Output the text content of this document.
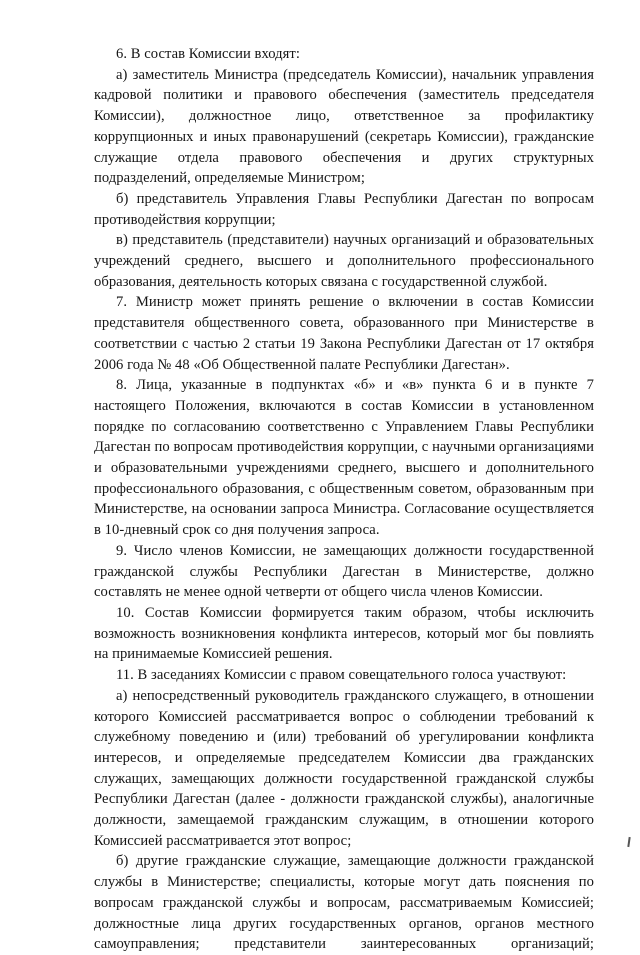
6. В состав Комиссии входят:

а) заместитель Министра (председатель Комиссии), начальник управления кадровой политики и правового обеспечения (заместитель председателя Комиссии), должностное лицо, ответственное за профилактику коррупционных и иных правонарушений (секретарь Комиссии), гражданские служащие отдела правового обеспечения и других структурных подразделений, определяемые Министром;

б) представитель Управления Главы Республики Дагестан по вопросам противодействия коррупции;

в) представитель (представители) научных организаций и образовательных учреждений среднего, высшего и дополнительного профессионального образования, деятельность которых связана с государственной службой.

7. Министр может принять решение о включении в состав Комиссии представителя общественного совета, образованного при Министерстве в соответствии с частью 2 статьи 19 Закона Республики Дагестан от 17 октября 2006 года № 48 «Об Общественной палате Республики Дагестан».

8. Лица, указанные в подпунктах «б» и «в» пункта 6 и в пункте 7 настоящего Положения, включаются в состав Комиссии в установленном порядке по согласованию соответственно с Управлением Главы Республики Дагестан по вопросам противодействия коррупции, с научными организациями и образовательными учреждениями среднего, высшего и дополнительного профессионального образования, с общественным советом, образованным при Министерстве, на основании запроса Министра. Согласование осуществляется в 10-дневный срок со дня получения запроса.

9. Число членов Комиссии, не замещающих должности государственной гражданской службы Республики Дагестан в Министерстве, должно составлять не менее одной четверти от общего числа членов Комиссии.

10. Состав Комиссии формируется таким образом, чтобы исключить возможность возникновения конфликта интересов, который мог бы повлиять на принимаемые Комиссией решения.

11. В заседаниях Комиссии с правом совещательного голоса участвуют:

а) непосредственный руководитель гражданского служащего, в отношении которого Комиссией рассматривается вопрос о соблюдении требований к служебному поведению и (или) требований об урегулировании конфликта интересов, и определяемые председателем Комиссии два гражданских служащих, замещающих должности государственной гражданской службы Республики Дагестан (далее - должности гражданской службы), аналогичные должности, замещаемой гражданским служащим, в отношении которого Комиссией рассматривается этот вопрос;

б) другие гражданские служащие, замещающие должности гражданской службы в Министерстве; специалисты, которые могут дать пояснения по вопросам гражданской службы и вопросам, рассматриваемым Комиссией; должностные лица других государственных органов, органов местного самоуправления; представители заинтересованных организаций;
